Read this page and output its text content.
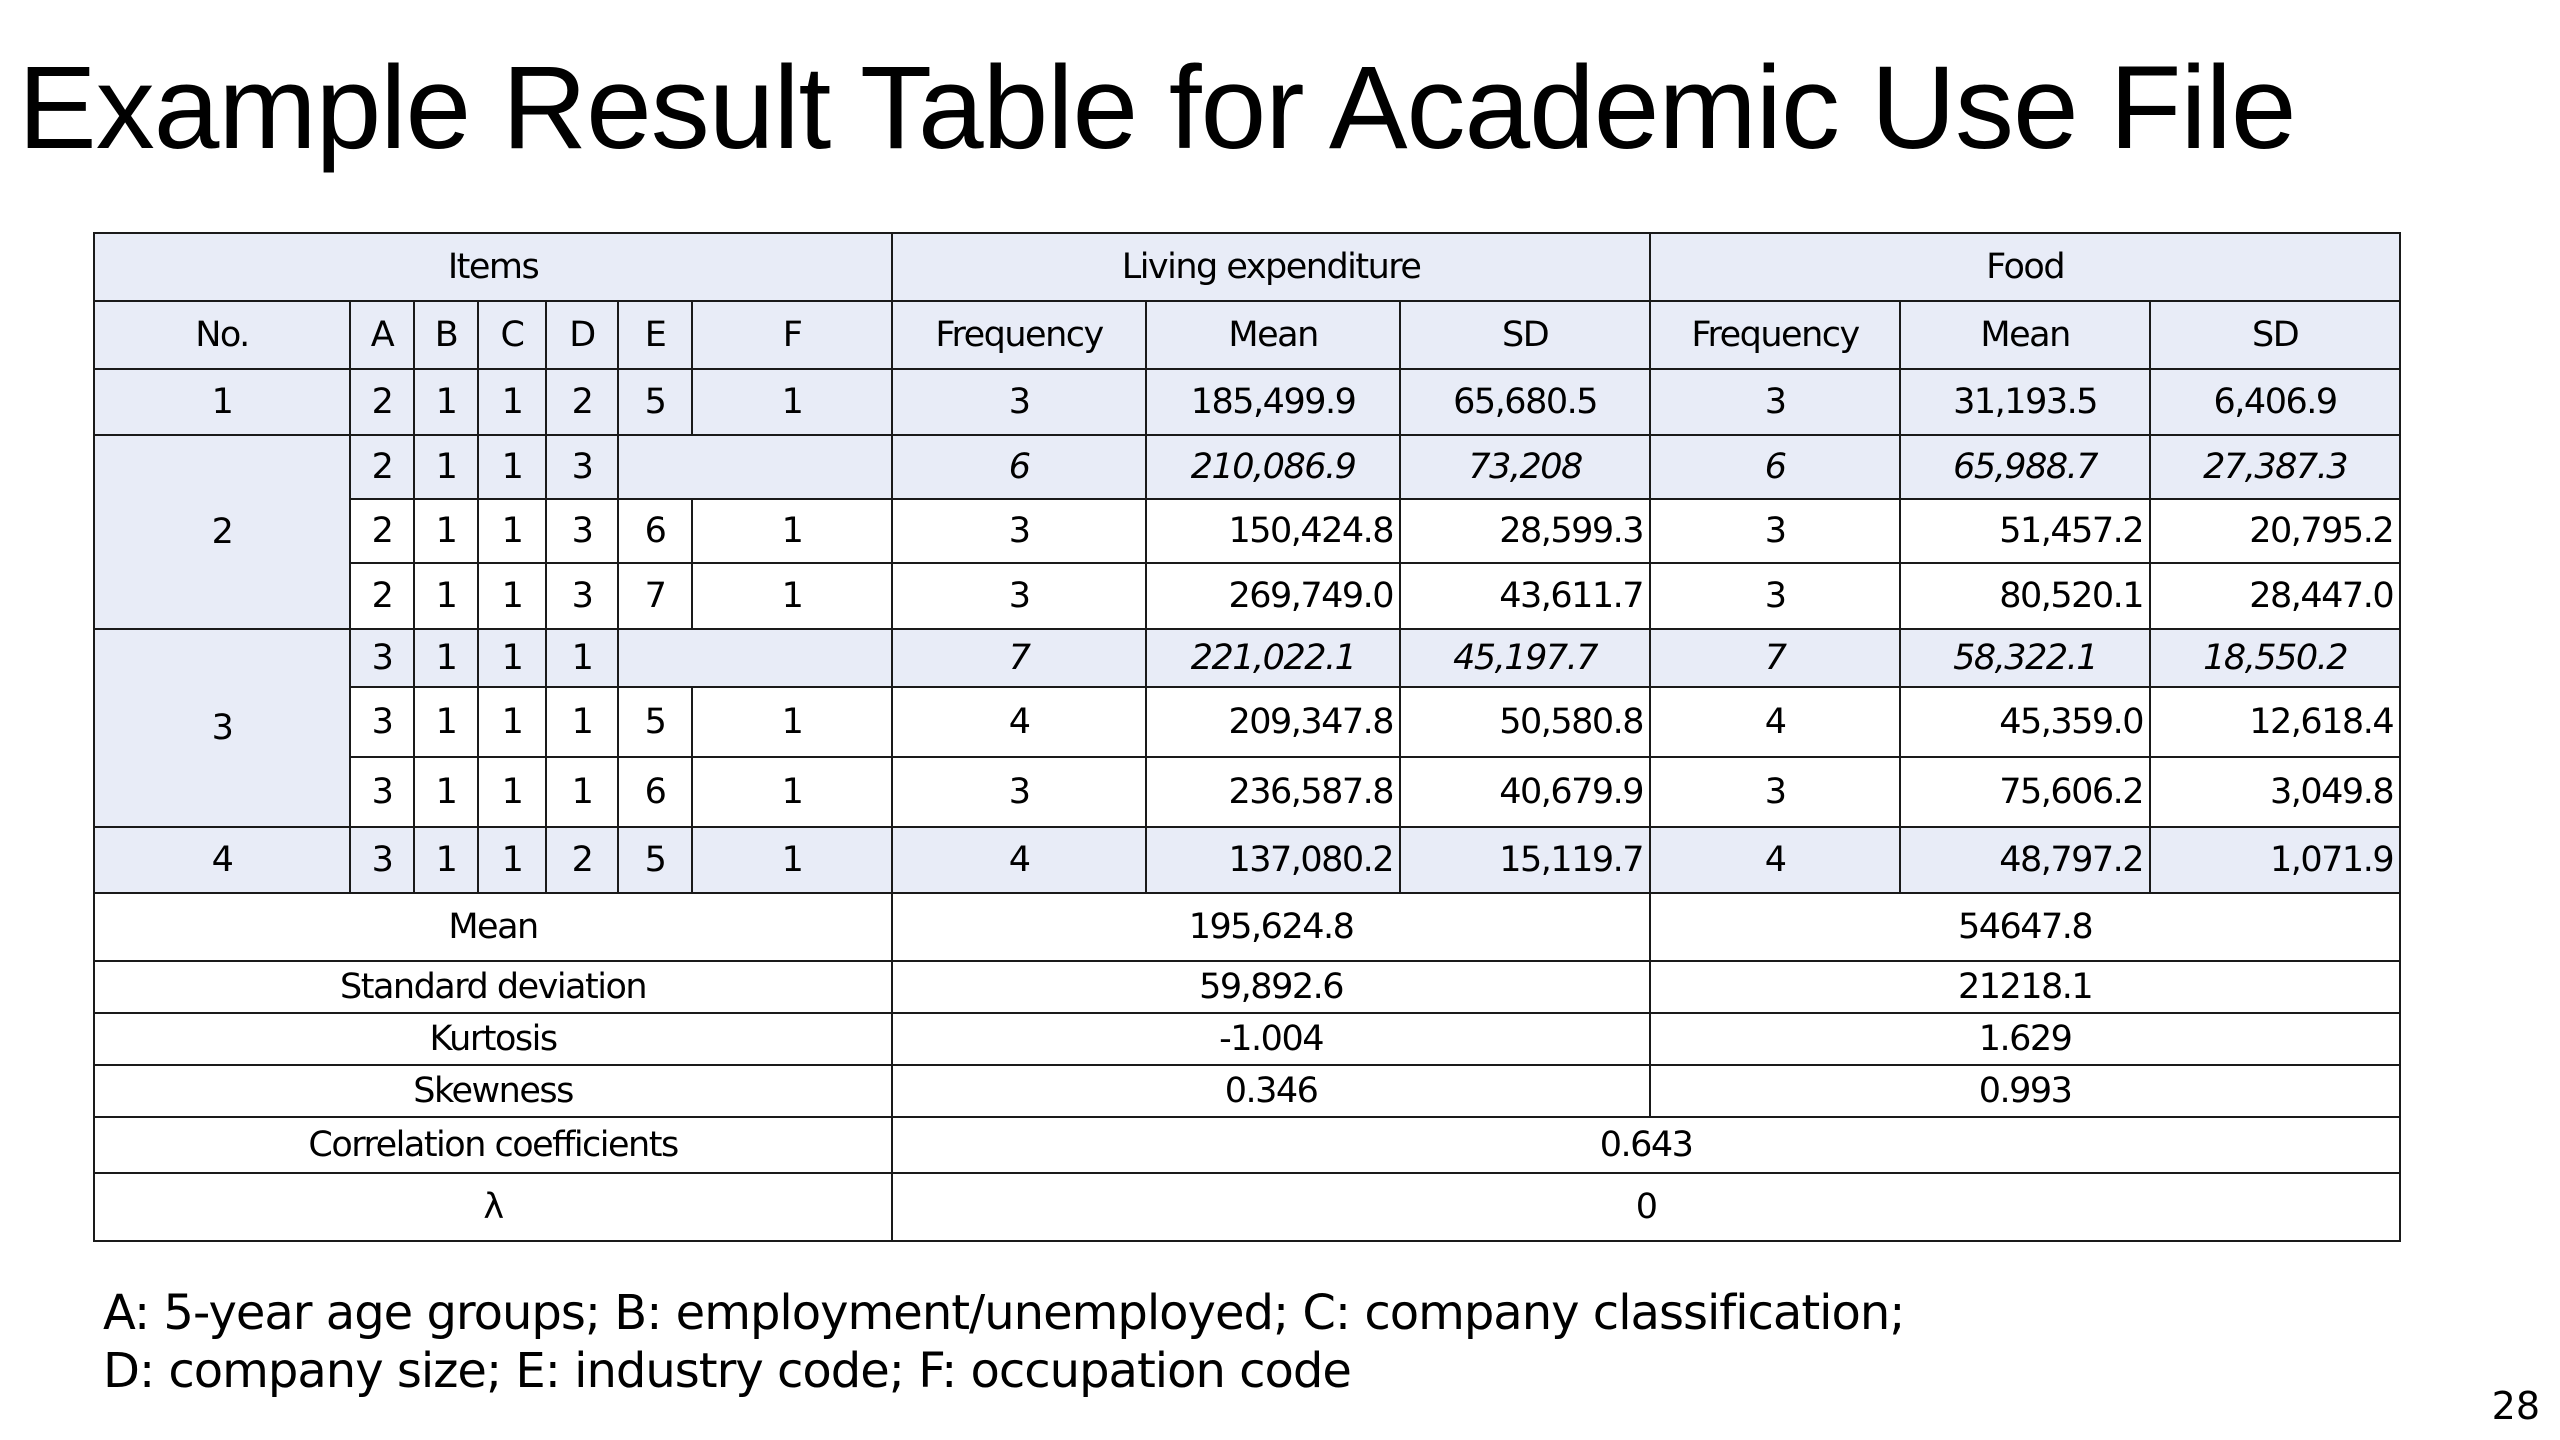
Example Result Table for Academic Use File
Items							Living expenditure			Food		
No.	A	B	C	D	E	F	Frequency	Mean	SD	Frequency	Mean	SD
1	2	1	1	2	5	1	3	185,499.9	65,680.5	3	31,193.5	6,406.9
2	2	1	1	3			6	210,086.9	73,208	6	65,988.7	27,387.3
	2	1	1	3	6	1	3	150,424.8	28,599.3	3	51,457.2	20,795.2
	2	1	1	3	7	1	3	269,749.0	43,611.7	3	80,520.1	28,447.0
3	3	1	1	1			7	221,022.1	45,197.7	7	58,322.1	18,550.2
	3	1	1	1	5	1	4	209,347.8	50,580.8	4	45,359.0	12,618.4
	3	1	1	1	6	1	3	236,587.8	40,679.9	3	75,606.2	3,049.8
4	3	1	1	2	5	1	4	137,080.2	15,119.7	4	48,797.2	1,071.9
Mean							195,624.8			54647.8		
Standard deviation							59,892.6			21218.1		
Kurtosis							-1.004			1.629		
Skewness							0.346			0.993		
Correlation coefficients							0.643					
λ							0					

A: 5-year age groups; B: employment/unemployed; C: company classification;
D: company size; E: industry code; F: occupation code

28
